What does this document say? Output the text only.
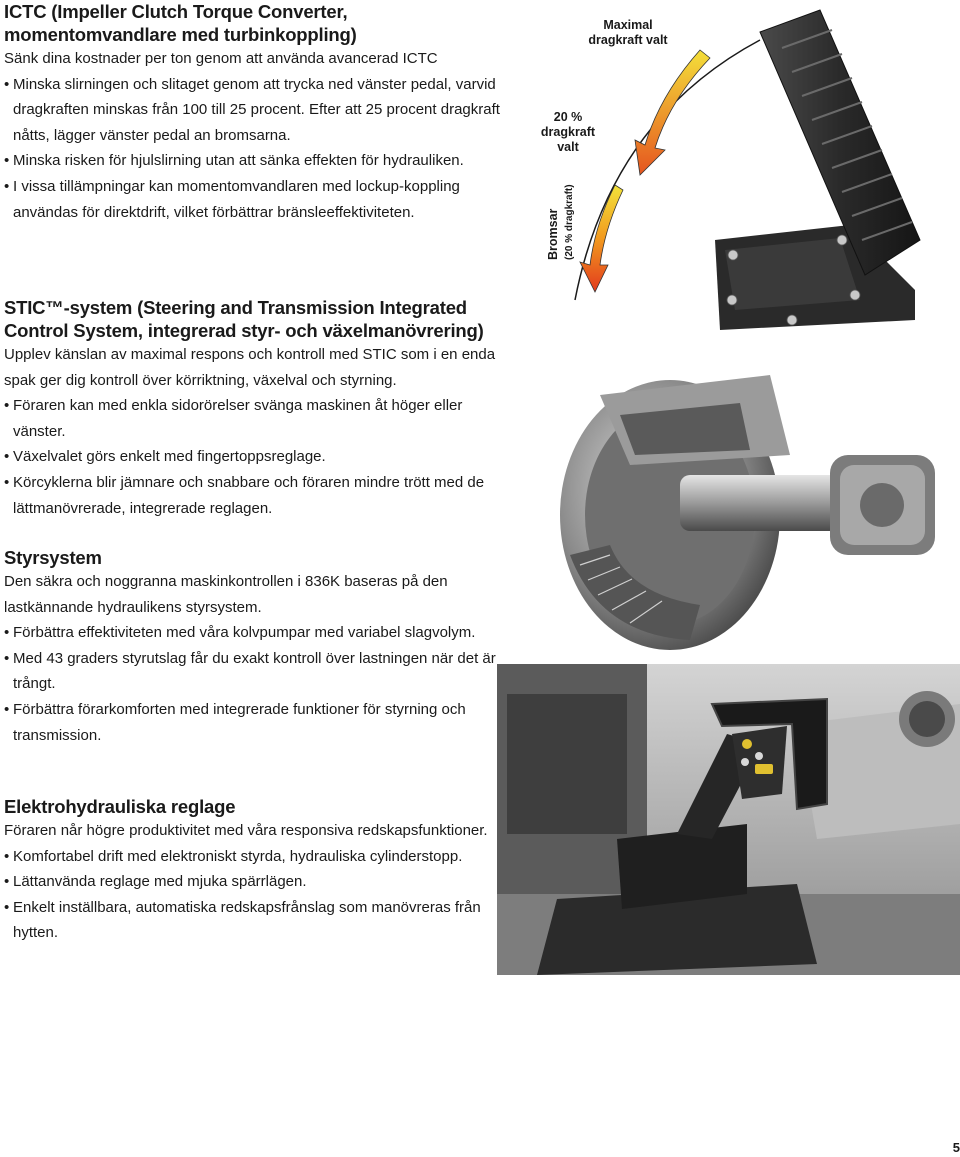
ICTC (Impeller Clutch Torque Converter,
momentomvandlare med turbinkoppling)

Sänk dina kostnader per ton genom att använda avancerad ICTC

• Minska slirningen och slitaget genom att trycka ned vänster pedal, varvid dragkraften minskas från 100 till 25 procent. Efter att 25 procent dragkraft nåtts, lägger vänster pedal an bromsarna.
• Minska risken för hjulslirning utan att sänka effekten för hydrauliken.
• I vissa tillämpningar kan momentomvandlaren med lockup-koppling användas för direktdrift, vilket förbättrar bränsleeffektiviteten.
STIC™-system (Steering and Transmission Integrated
Control System, integrerad styr- och växelmanövrering)

Upplev känslan av maximal respons och kontroll med STIC som i en enda spak ger dig kontroll över körriktning, växelval och styrning.

• Föraren kan med enkla sidorörelser svänga maskinen åt höger eller vänster.
• Växelvalet görs enkelt med fingertoppsreglage.
• Körcyklerna blir jämnare och snabbare och föraren mindre trött med de lättmanövrerade, integrerade reglagen.
Styrsystem

Den säkra och noggranna maskinkontrollen i 836K baseras på den lastkännande hydraulikens styrsystem.

• Förbättra effektiviteten med våra kolvpumpar med variabel slagvolym.
• Med 43 graders styrutslag får du exakt kontroll över lastningen när det är trångt.
• Förbättra förarkomforten med integrerade funktioner för styrning och transmission.
Elektrohydrauliska reglage

Föraren når högre produktivitet med våra responsiva redskapsfunktioner.

• Komfortabel drift med elektroniskt styrda, hydrauliska cylinderstopp.
• Lättanvända reglage med mjuka spärrlägen.
• Enkelt inställbara, automatiska redskapsfrånslag som manövreras från hytten.
Maximal
dragkraft valt
20 %
dragkraft
valt
Bromsar (20 % dragkraft)
5
